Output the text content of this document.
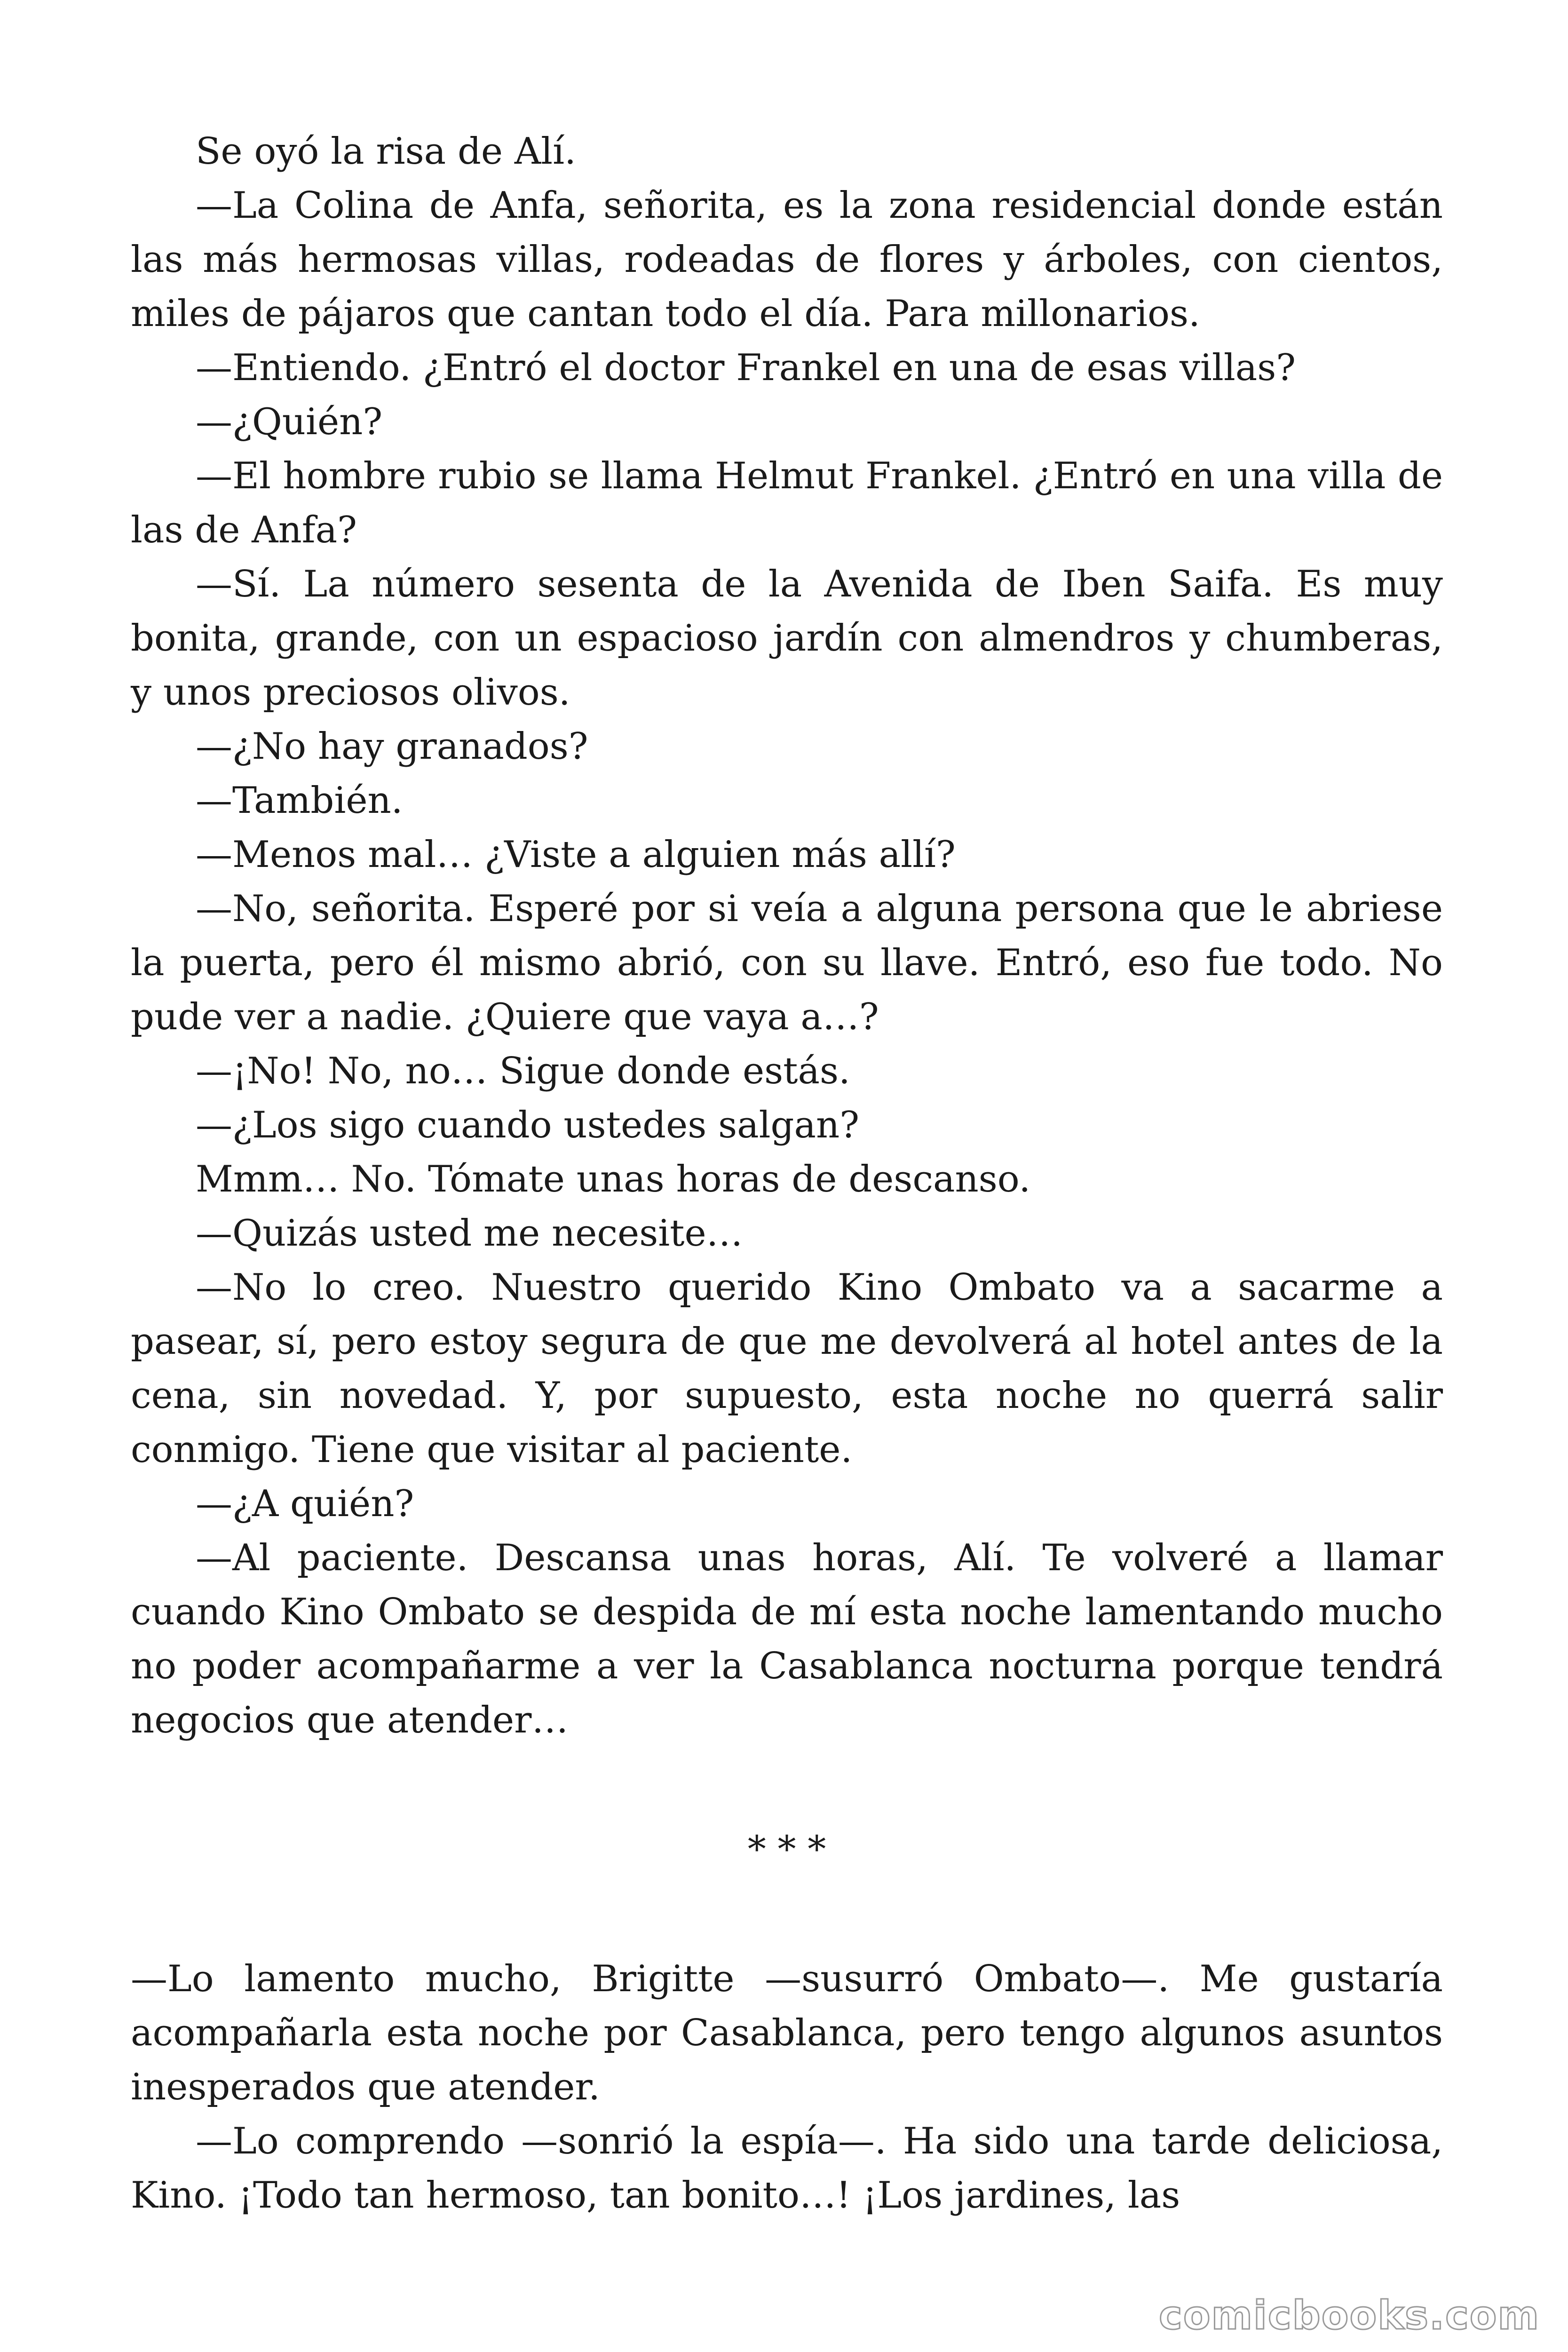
Se oyó la risa de Alí.

—La Colina de Anfa, señorita, es la zona residencial donde están las más hermosas villas, rodeadas de flores y árboles, con cientos, miles de pájaros que cantan todo el día. Para millonarios.

—Entiendo. ¿Entró el doctor Frankel en una de esas villas?

—¿Quién?

—El hombre rubio se llama Helmut Frankel. ¿Entró en una villa de las de Anfa?

—Sí. La número sesenta de la Avenida de Iben Saifa. Es muy bonita, grande, con un espacioso jardín con almendros y chumberas, y unos preciosos olivos.

—¿No hay granados?

—También.

—Menos mal… ¿Viste a alguien más allí?

—No, señorita. Esperé por si veía a alguna persona que le abriese la puerta, pero él mismo abrió, con su llave. Entró, eso fue todo. No pude ver a nadie. ¿Quiere que vaya a…?

—¡No! No, no… Sigue donde estás.

—¿Los sigo cuando ustedes salgan?

Mmm… No. Tómate unas horas de descanso.

—Quizás usted me necesite…

—No lo creo. Nuestro querido Kino Ombato va a sacarme a pasear, sí, pero estoy segura de que me devolverá al hotel antes de la cena, sin novedad. Y, por supuesto, esta noche no querrá salir conmigo. Tiene que visitar al paciente.

—¿A quién?

—Al paciente. Descansa unas horas, Alí. Te volveré a llamar cuando Kino Ombato se despida de mí esta noche lamentando mucho no poder acompañarme a ver la Casablanca nocturna porque tendrá negocios que atender…

* * *

—Lo lamento mucho, Brigitte —susurró Ombato—. Me gustaría acompañarla esta noche por Casablanca, pero tengo algunos asuntos inesperados que atender.

—Lo comprendo —sonrió la espía—. Ha sido una tarde deliciosa, Kino. ¡Todo tan hermoso, tan bonito…! ¡Los jardines, las

comicbooks.com
